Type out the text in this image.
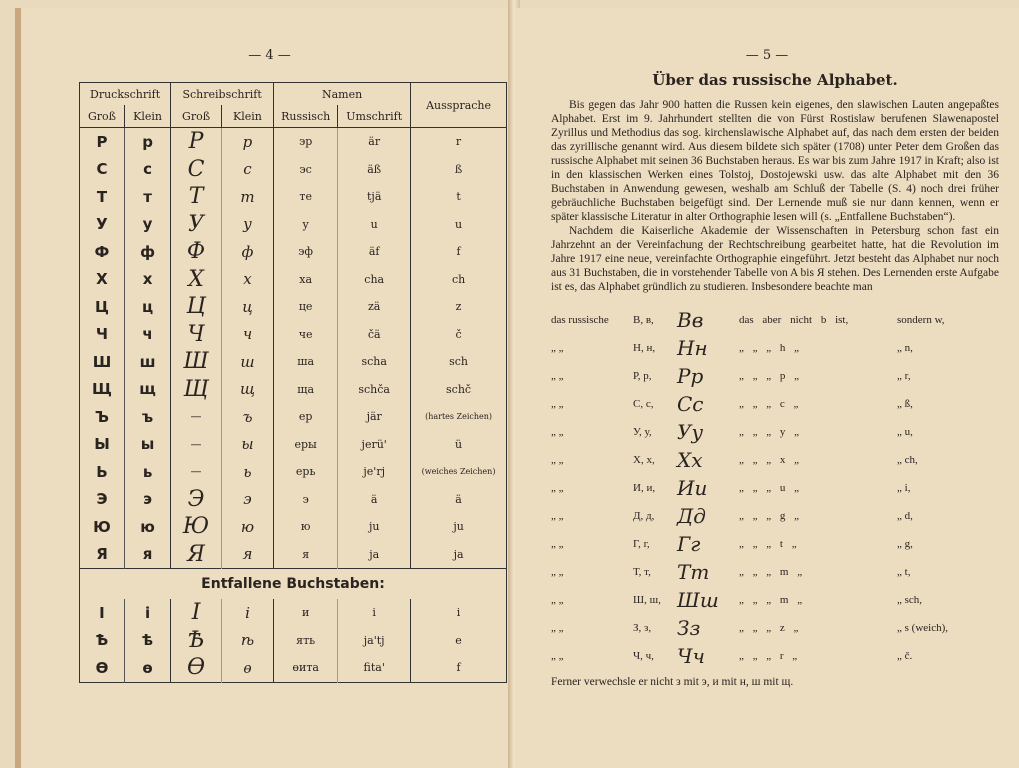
— 4 —
Druckschrift		Schreibschrift		Namen		Aussprache
Groß	Klein	Groß	Klein	Russisch	Umschrift	
Р	р	Р	р	эр	är	r
С	с	С	с	эс	äß	ß
Т	т	Т	т	те	tjä	t
У	у	У	у	у	u	u
Ф	ф	Ф	ф	эф	äf	f
Х	х	Х	х	ха	cha	ch
Ц	ц	Ц	ц	це	zä	z
Ч	ч	Ч	ч	че	čä	č
Ш	ш	Ш	ш	ша	scha	sch
Щ	щ	Щ	щ	ща	schča	schč
Ъ	ъ	—	ъ	ер	jär	(hartes Zeichen)
Ы	ы	—	ы	еры	jerü'	ü
Ь	ь	—	ь	ерь	je'rj	(weiches Zeichen)
Э	э	Э	э	э	ä	ä
Ю	ю	Ю	ю	ю	ju	ju
Я	я	Я	я	я	ja	ja
Entfallene Buchstaben:						
І	і	І	і	и	i	i
Ѣ	ѣ	Ѣ	ѣ	ять	ja'tj	e
Ѳ	ѳ	Ѳ	ѳ	өита	fita'	f
— 5 —
Über das russische Alphabet.

Bis gegen das Jahr 900 hatten die Russen kein eigenes, den slawischen Lauten angepaßtes Alphabet. Erst im 9. Jahrhundert stellten die von Fürst Rostislaw berufenen Slawenapostel Zyrillus und Methodius das sog. kirchenslawische Alphabet auf, das nach dem ersten der beiden das zyrillische genannt wird. Aus diesem bildete sich später (1708) unter Peter dem Großen das russische Alphabet mit seinen 36 Buchstaben heraus. Es war bis zum Jahre 1917 in Kraft; also ist in den klassischen Werken eines Tolstoj, Dostojewski usw. das alte Alphabet mit den 36 Buchstaben in Anwendung gewesen, weshalb am Schluß der Tabelle (S. 4) noch drei früher gebräuchliche Buchstaben beigefügt sind. Der Lernende muß sie nur dann kennen, wenn er später klassische Literatur in alter Orthographie lesen will (s. „Entfallene Buchstaben“).

Nachdem die Kaiserliche Akademie der Wissenschaften in Petersburg schon fast ein Jahrzehnt an der Vereinfachung der Rechtschreibung gearbeitet hatte, hat die Revolution im Jahre 1917 eine neue, vereinfachte Orthographie eingeführt. Jetzt besteht das Alphabet nur noch aus 31 Buchstaben, die in vorstehender Tabelle von A bis Я stehen. Des Lernenden erste Aufgabe ist es, das Alphabet gründlich zu studieren. Insbesondere beachte man

das russische	В, в,	Вв	das aber nicht b ist,	sondern w,
„ „	Н, н,	Нн	„ „ „ h „	„ n,
„ „	Р, р,	Рр	„ „ „ p „	„ r,
„ „	С, с,	Сс	„ „ „ c „	„ ß,
„ „	У, у,	Уу	„ „ „ y „	„ u,
„ „	Х, х,	Хх	„ „ „ x „	„ ch,
„ „	И, и,	Ии	„ „ „ u „	„ i,
„ „	Д, д,	Дд	„ „ „ g „	„ d,
„ „	Г, г,	Гг	„ „ „ t „	„ g,
„ „	Т, т,	Тт	„ „ „ m „	„ t,
„ „	Ш, ш, Шш	„ „ „ m „	„ sch,
„ „	З, з,	Зз	„ „ „ z „	„ s (weich),
„ „	Ч, ч,	Чч	„ „ „ r „	„ č.
Ferner verwechsle er nicht з mit э, и mit н, ш mit щ.
